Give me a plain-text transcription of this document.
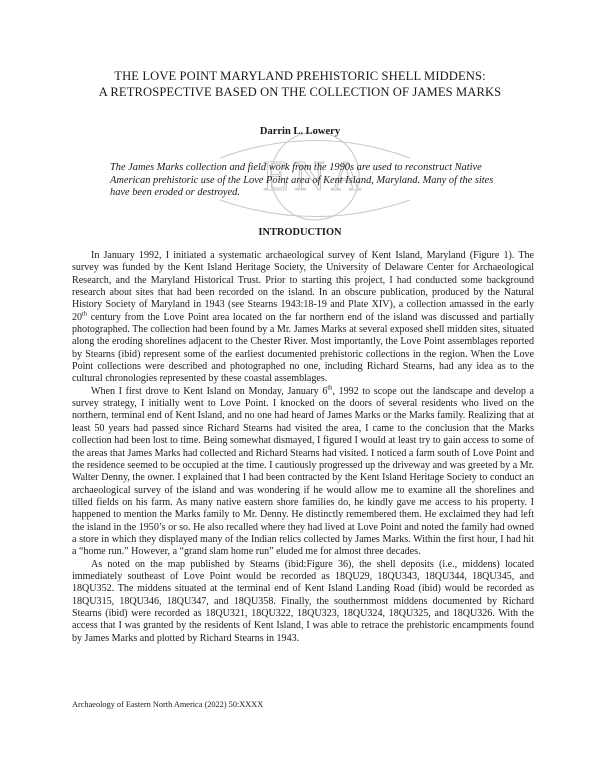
ENA
THE LOVE POINT MARYLAND PREHISTORIC SHELL MIDDENS:
A RETROSPECTIVE BASED ON THE COLLECTION OF JAMES MARKS
Darrin L. Lowery
The James Marks collection and field work from the 1990s are used to reconstruct Native American prehistoric use of the Love Point area of Kent Island, Maryland. Many of the sites have been eroded or destroyed.
INTRODUCTION

In January 1992, I initiated a systematic archaeological survey of Kent Island, Maryland (Figure 1). The survey was funded by the Kent Island Heritage Society, the University of Delaware Center for Archaeological Research, and the Maryland Historical Trust. Prior to starting this project, I had conducted some background research about sites that had been recorded on the island. In an obscure publication, produced by the Natural History Society of Maryland in 1943 (see Stearns 1943:18-19 and Plate XIV), a collection amassed in the early 20th century from the Love Point area located on the far northern end of the island was discussed and partially photographed. The collection had been found by a Mr. James Marks at several exposed shell midden sites, situated along the eroding shorelines adjacent to the Chester River. Most importantly, the Love Point assemblages reported by Stearns (ibid) represent some of the earliest documented prehistoric collections in the region. When the Love Point collections were described and photographed no one, including Richard Stearns, had any idea as to the cultural chronologies represented by these coastal assemblages.

When I first drove to Kent Island on Monday, January 6th, 1992 to scope out the landscape and develop a survey strategy, I initially went to Love Point. I knocked on the doors of several residents who lived on the northern, terminal end of Kent Island, and no one had heard of James Marks or the Marks family. Realizing that at least 50 years had passed since Richard Stearns had visited the area, I came to the conclusion that the Marks collection had been lost to time. Being somewhat dismayed, I figured I would at least try to gain access to some of the areas that James Marks had collected and Richard Stearns had visited. I noticed a farm south of Love Point and the residence seemed to be occupied at the time. I cautiously progressed up the driveway and was greeted by a Mr. Walter Denny, the owner. I explained that I had been contracted by the Kent Island Heritage Society to conduct an archaeological survey of the island and was wondering if he would allow me to examine all the shorelines and tilled fields on his farm. As many native eastern shore families do, he kindly gave me access to his property. I happened to mention the Marks family to Mr. Denny. He distinctly remembered them. He exclaimed they had left the island in the 1950’s or so. He also recalled where they had lived at Love Point and noted the family had owned a store in which they displayed many of the Indian relics collected by James Marks. Within the first hour, I had hit a “home run.” However, a “grand slam home run” eluded me for almost three decades.

As noted on the map published by Stearns (ibid:Figure 36), the shell deposits (i.e., middens) located immediately southeast of Love Point would be recorded as 18QU29, 18QU343, 18QU344, 18QU345, and 18QU352. The middens situated at the terminal end of Kent Island Landing Road (ibid) would be recorded as 18QU315, 18QU346, 18QU347, and 18QU358. Finally, the southernmost middens documented by Richard Stearns (ibid) were recorded as 18QU321, 18QU322, 18QU323, 18QU324, 18QU325, and 18QU326. With the access that I was granted by the residents of Kent Island, I was able to retrace the prehistoric encampments found by James Marks and plotted by Richard Stearns in 1943.

Archaeology of Eastern North America (2022) 50:XXXX
